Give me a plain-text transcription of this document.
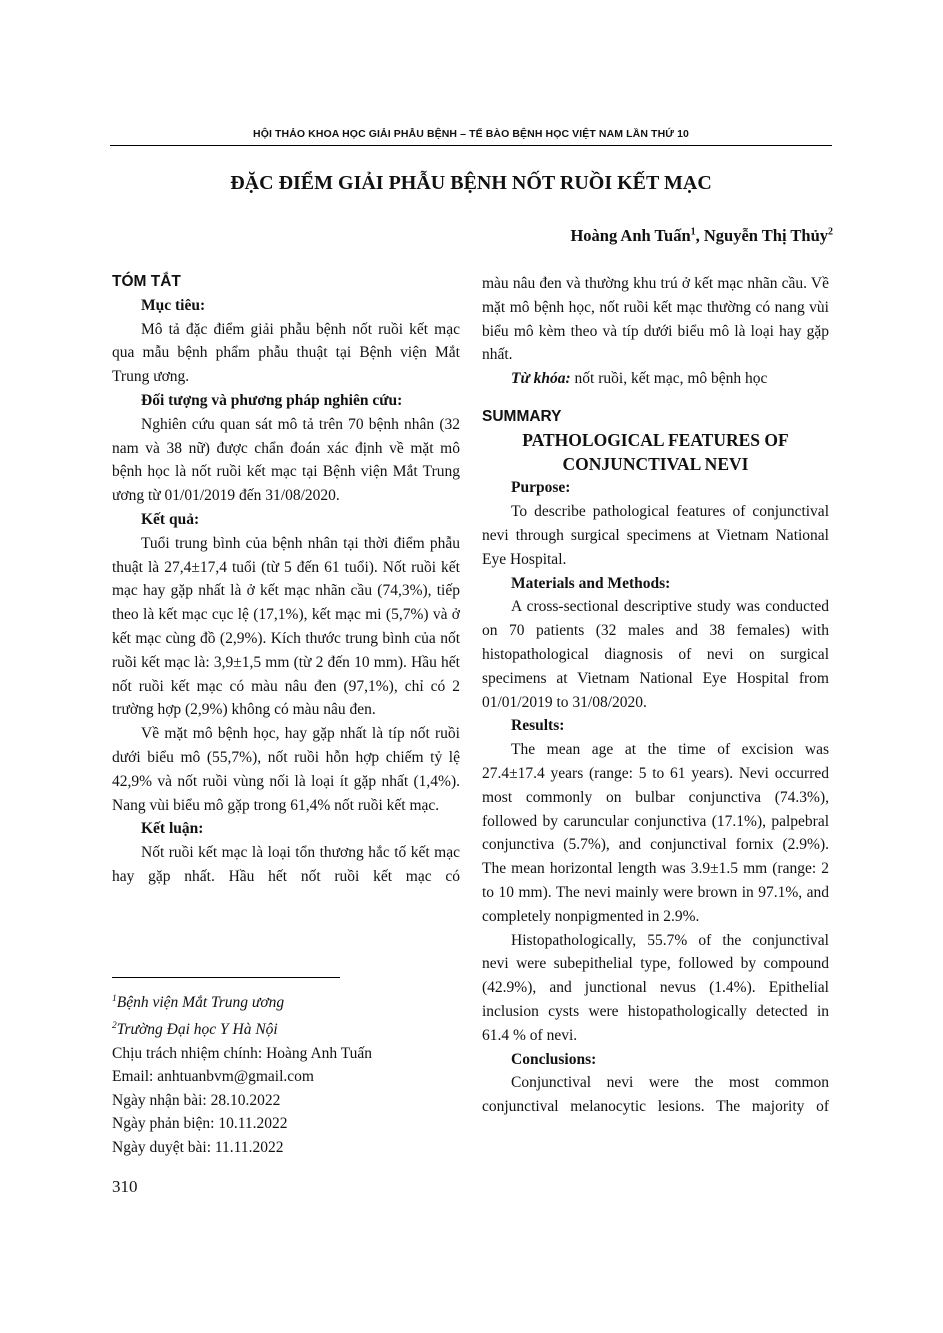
HỘI THẢO KHOA HỌC GIẢI PHẪU BỆNH – TẾ BÀO BỆNH HỌC VIỆT NAM LẦN THỨ 10
ĐẶC ĐIỂM GIẢI PHẪU BỆNH NỐT RUỒI KẾT MẠC
Hoàng Anh Tuấn$^1$, Nguyễn Thị Thủy$^2$

TÓM TẮT

Mục tiêu:

Mô tả đặc điểm giải phẫu bệnh nốt ruồi kết mạc qua mẫu bệnh phẩm phẫu thuật tại Bệnh viện Mắt Trung ương.

Đối tượng và phương pháp nghiên cứu:

Nghiên cứu quan sát mô tả trên 70 bệnh nhân (32 nam và 38 nữ) được chẩn đoán xác định về mặt mô bệnh học là nốt ruồi kết mạc tại Bệnh viện Mắt Trung ương từ 01/01/2019 đến 31/08/2020.

Kết quả:

Tuổi trung bình của bệnh nhân tại thời điểm phẫu thuật là 27,4±17,4 tuổi (từ 5 đến 61 tuổi). Nốt ruồi kết mạc hay gặp nhất là ở kết mạc nhãn cầu (74,3%), tiếp theo là kết mạc cục lệ (17,1%), kết mạc mi (5,7%) và ở kết mạc cùng đồ (2,9%). Kích thước trung bình của nốt ruồi kết mạc là: 3,9±1,5 mm (từ 2 đến 10 mm). Hầu hết nốt ruồi kết mạc có màu nâu đen (97,1%), chỉ có 2 trường hợp (2,9%) không có màu nâu đen.

Về mặt mô bệnh học, hay gặp nhất là típ nốt ruồi dưới biểu mô (55,7%), nốt ruồi hỗn hợp chiếm tỷ lệ 42,9% và nốt ruồi vùng nối là loại ít gặp nhất (1,4%). Nang vùi biểu mô gặp trong 61,4% nốt ruồi kết mạc.

Kết luận:

Nốt ruồi kết mạc là loại tổn thương hắc tố kết mạc hay gặp nhất. Hầu hết nốt ruồi kết mạc có

$^1$Bệnh viện Mắt Trung ương

$^2$Trường Đại học Y Hà Nội

Chịu trách nhiệm chính: Hoàng Anh Tuấn

Email: anhtuanbvm@gmail.com

Ngày nhận bài: 28.10.2022

Ngày phản biện: 10.11.2022

Ngày duyệt bài: 11.11.2022

màu nâu đen và thường khu trú ở kết mạc nhãn cầu. Về mặt mô bệnh học, nốt ruồi kết mạc thường có nang vùi biểu mô kèm theo và típ dưới biểu mô là loại hay gặp nhất.

Từ khóa: nốt ruồi, kết mạc, mô bệnh học

SUMMARY

PATHOLOGICAL FEATURES OF

CONJUNCTIVAL NEVI

Purpose:

To describe pathological features of conjunctival nevi through surgical specimens at Vietnam National Eye Hospital.

Materials and Methods:

A cross-sectional descriptive study was conducted on 70 patients (32 males and 38 females) with histopathological diagnosis of nevi on surgical specimens at Vietnam National Eye Hospital from 01/01/2019 to 31/08/2020.

Results:

The mean age at the time of excision was 27.4±17.4 years (range: 5 to 61 years). Nevi occurred most commonly on bulbar conjunctiva (74.3%), followed by caruncular conjunctiva (17.1%), palpebral conjunctiva (5.7%), and conjunctival fornix (2.9%). The mean horizontal length was 3.9±1.5 mm (range: 2 to 10 mm). The nevi mainly were brown in 97.1%, and completely nonpigmented in 2.9%.

Histopathologically, 55.7% of the conjunctival nevi were subepithelial type, followed by compound (42.9%), and junctional nevus (1.4%). Epithelial inclusion cysts were histopathologically detected in 61.4 % of nevi.

Conclusions:

Conjunctival nevi were the most common conjunctival melanocytic lesions. The majority of

310
